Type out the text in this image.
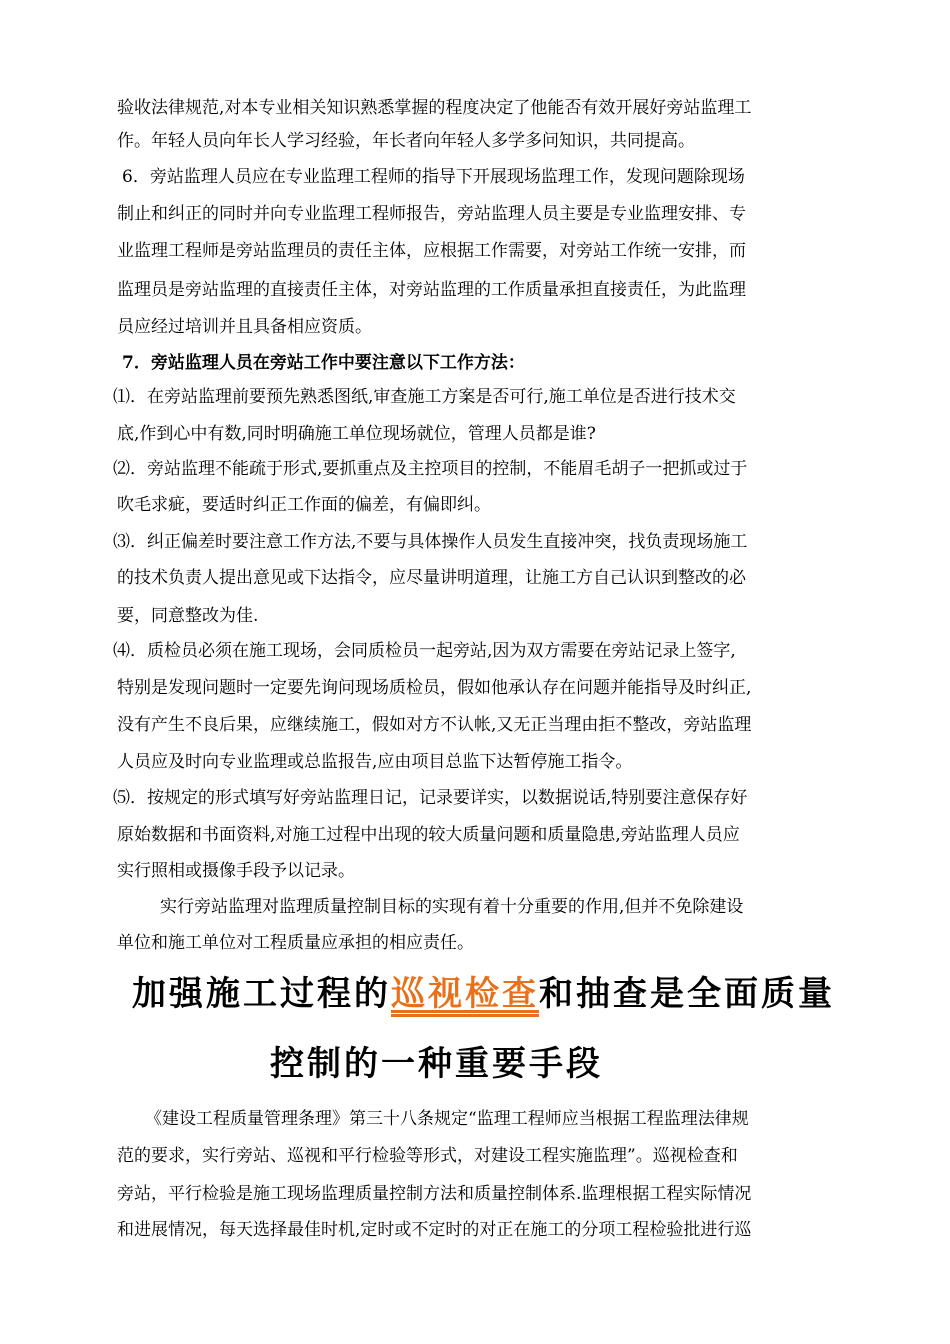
验收法律规范,对本专业相关知识熟悉掌握的程度决定了他能否有效开展好旁站监理工
作。年轻人员向年长人学习经验，年长者向年轻人多学多问知识，共同提高。
6．旁站监理人员应在专业监理工程师的指导下开展现场监理工作，发现问题除现场
制止和纠正的同时并向专业监理工程师报告，旁站监理人员主要是专业监理安排、专
业监理工程师是旁站监理员的责任主体，应根据工作需要，对旁站工作统一安排，而
监理员是旁站监理的直接责任主体，对旁站监理的工作质量承担直接责任，为此监理
员应经过培训并且具备相应资质。
7．旁站监理人员在旁站工作中要注意以下工作方法：
⑴．在旁站监理前要预先熟悉图纸,审查施工方案是否可行,施工单位是否进行技术交
底,作到心中有数,同时明确施工单位现场就位，管理人员都是谁?
⑵．旁站监理不能疏于形式,要抓重点及主控项目的控制，不能眉毛胡子一把抓或过于
吹毛求疵，要适时纠正工作面的偏差，有偏即纠。
⑶．纠正偏差时要注意工作方法,不要与具体操作人员发生直接冲突，找负责现场施工
的技术负责人提出意见或下达指令，应尽量讲明道理，让施工方自己认识到整改的必
要，同意整改为佳.
⑷．质检员必须在施工现场，会同质检员一起旁站,因为双方需要在旁站记录上签字,
特别是发现问题时一定要先询问现场质检员，假如他承认存在问题并能指导及时纠正,
没有产生不良后果，应继续施工，假如对方不认帐,又无正当理由拒不整改，旁站监理
人员应及时向专业监理或总监报告,应由项目总监下达暂停施工指令。
⑸．按规定的形式填写好旁站监理日记，记录要详实，以数据说话,特别要注意保存好
原始数据和书面资料,对施工过程中出现的较大质量问题和质量隐患,旁站监理人员应
实行照相或摄像手段予以记录。
实行旁站监理对监理质量控制目标的实现有着十分重要的作用,但并不免除建设
单位和施工单位对工程质量应承担的相应责任。
加强施工过程的巡视检查和抽查是全面质量
控制的一种重要手段
《建设工程质量管理条理》第三十八条规定“监理工程师应当根据工程监理法律规
范的要求，实行旁站、巡视和平行检验等形式，对建设工程实施监理”。巡视检查和
旁站，平行检验是施工现场监理质量控制方法和质量控制体系.监理根据工程实际情况
和进展情况，每天选择最佳时机,定时或不定时的对正在施工的分项工程检验批进行巡
